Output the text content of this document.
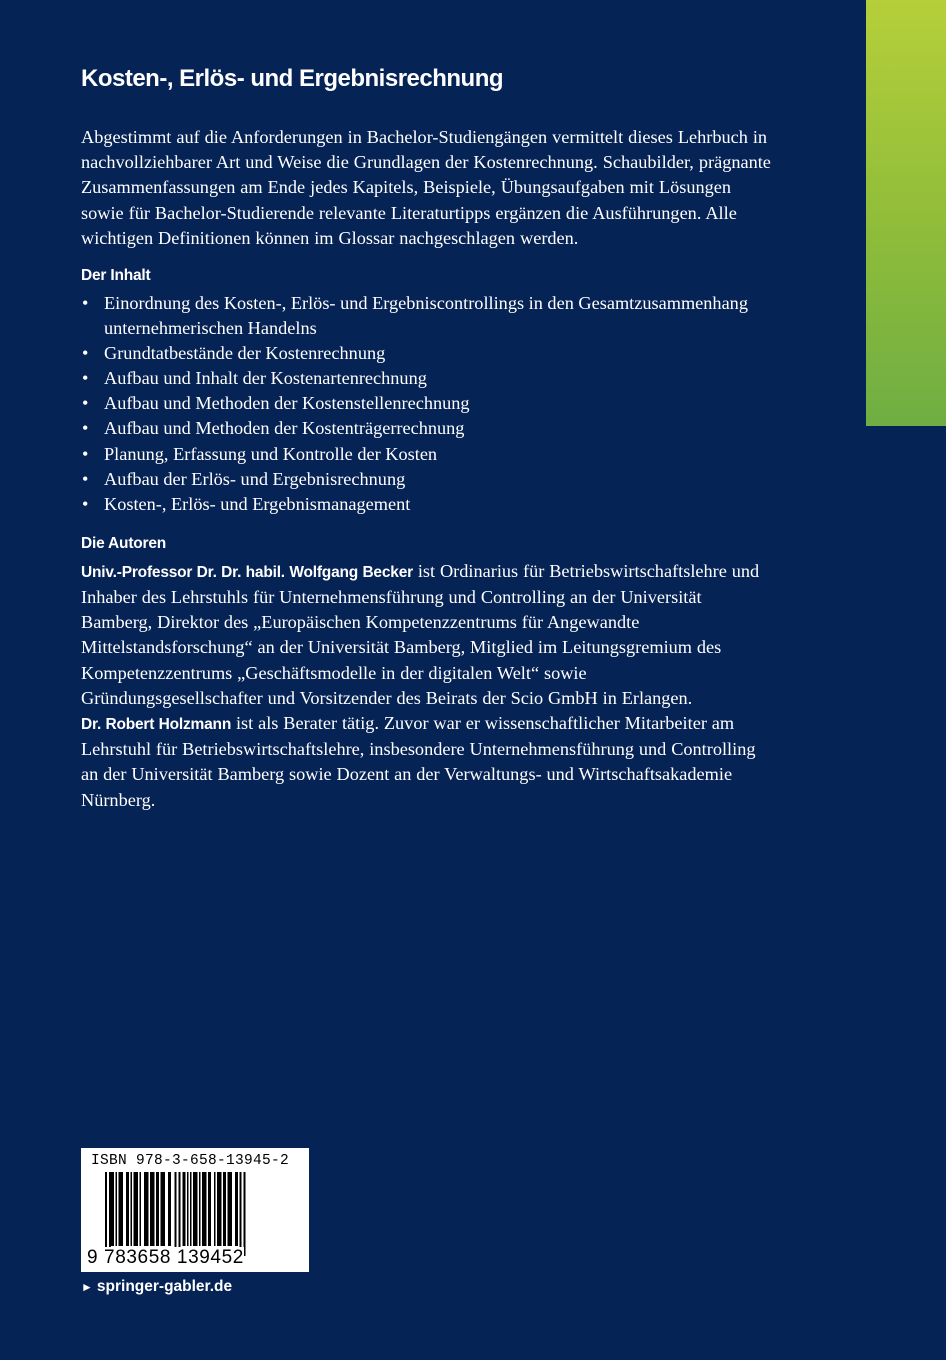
Kosten-, Erlös- und Ergebnisrechnung

Abgestimmt auf die Anforderungen in Bachelor-Studiengängen vermittelt dieses Lehrbuch in nachvollziehbarer Art und Weise die Grundlagen der Kostenrechnung. Schaubilder, prägnante Zusammenfassungen am Ende jedes Kapitels, Beispiele, Übungsaufgaben mit Lösungen sowie für Bachelor-Studierende relevante Literaturtipps ergänzen die Ausführungen. Alle wichtigen Definitionen können im Glossar nachgeschlagen werden.

Der Inhalt
• Einordnung des Kosten-, Erlös- und Ergebniscontrollings in den Gesamtzusammenhang unternehmerischen Handelns
• Grundtatbestände der Kostenrechnung
• Aufbau und Inhalt der Kostenartenrechnung
• Aufbau und Methoden der Kostenstellenrechnung
• Aufbau und Methoden der Kostenträgerrechnung
• Planung, Erfassung und Kontrolle der Kosten
• Aufbau der Erlös- und Ergebnisrechnung
• Kosten-, Erlös- und Ergebnismanagement
Die Autoren

Univ.-Professor Dr. Dr. habil. Wolfgang Becker ist Ordinarius für Betriebswirtschaftslehre und Inhaber des Lehrstuhls für Unternehmensführung und Controlling an der Universität Bamberg, Direktor des „Europäischen Kompetenzzentrums für Angewandte Mittelstandsforschung“ an der Universität Bamberg, Mitglied im Leitungsgremium des Kompetenzzentrums „Geschäftsmodelle in der digitalen Welt“ sowie Gründungsgesellschafter und Vorsitzender des Beirats der Scio GmbH in Erlangen.

Dr. Robert Holzmann ist als Berater tätig. Zuvor war er wissenschaftlicher Mitarbeiter am Lehrstuhl für Betriebswirtschaftslehre, insbesondere Unternehmensführung und Controlling an der Universität Bamberg sowie Dozent an der Verwaltungs- und Wirtschaftsakademie Nürnberg.

ISBN 978-3-658-13945-2
9 783658 139452
► springer-gabler.de
